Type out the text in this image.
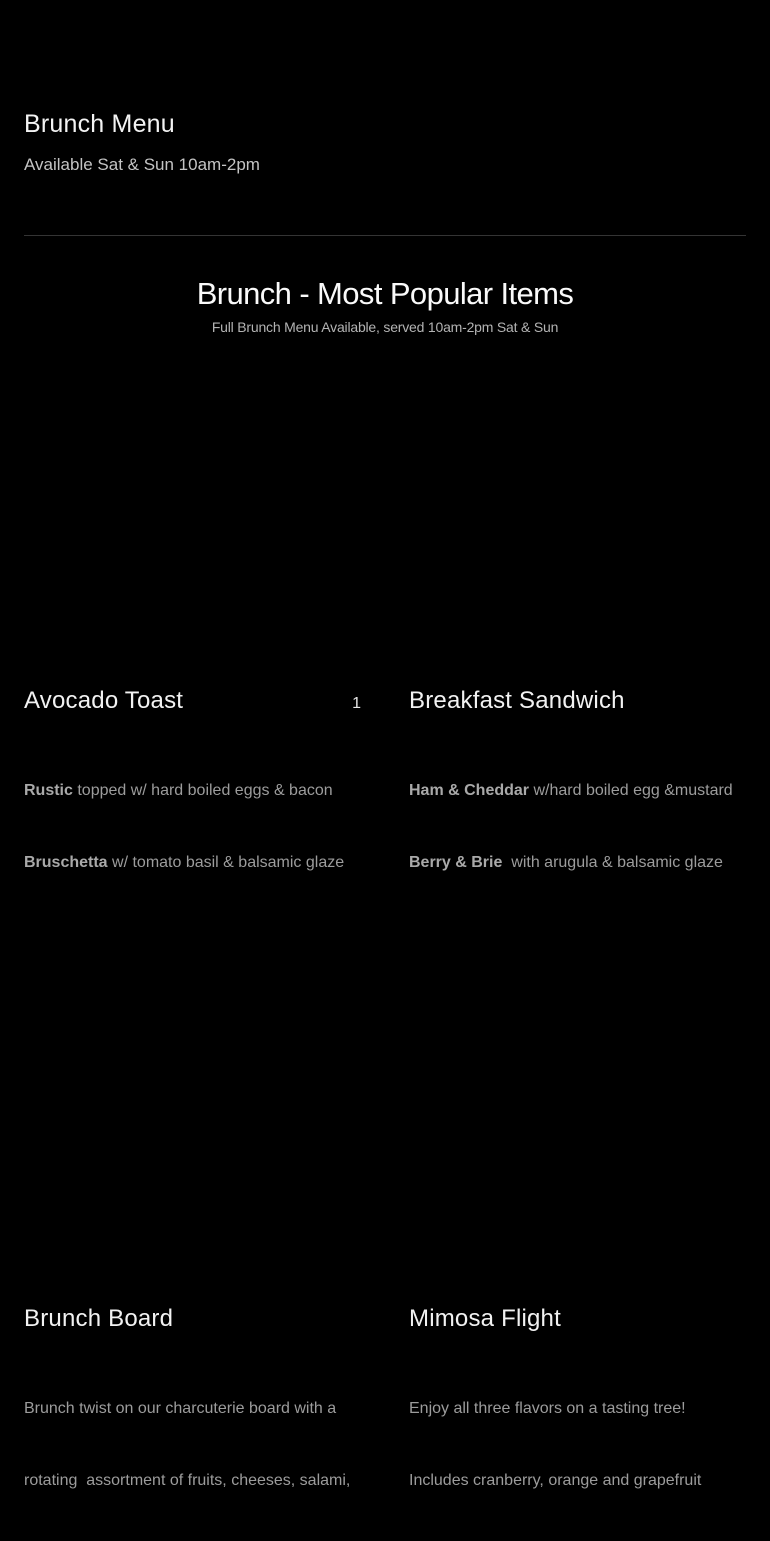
Brunch Menu
Available Sat & Sun 10am-2pm
Brunch - Most Popular Items
Full Brunch Menu Available, served 10am-2pm Sat & Sun
Avocado Toast	1

Rustic topped w/ hard boiled eggs & bacon

Bruschetta w/ tomato basil & balsamic glaze

Breakfast Sandwich

Ham & Cheddar w/hard boiled egg &mustard

Berry & Brie  with arugula & balsamic glaze

Brunch Board

Brunch twist on our charcuterie board with a

rotating  assortment of fruits, cheeses, salami,

Mimosa Flight

Enjoy all three flavors on a tasting tree!

Includes cranberry, orange and grapefruit
